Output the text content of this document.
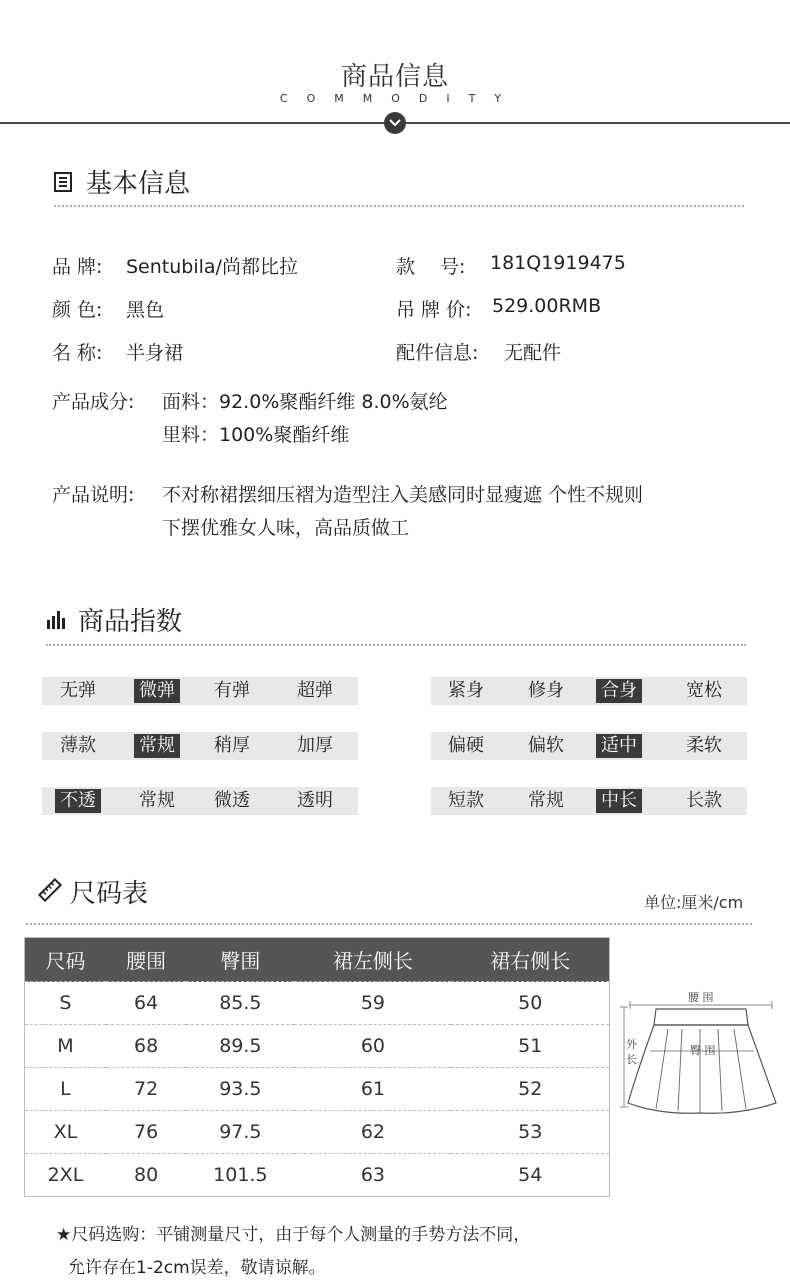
商品信息
COMMODITY
基本信息
品 牌: Sentubila/尚都比拉	款　 号: 181Q1919475
颜 色: 黑色	吊 牌 价: 529.00RMB
名 称: 半身裙	配件信息: 无配件
产品成分: 面料：92.0%聚酯纤维 8.0%氨纶
里料：100%聚酯纤维
产品说明: 不对称裙摆细压褶为造型注入美感同时显瘦遮 个性不规则
下摆优雅女人味，高品质做工
商品指数
无弹 微弹 有弹	超弹	紧身 修身 合身	宽松
薄款 常规 稍厚	加厚	偏硬 偏软 适中	柔软
不透 常规 微透	透明	短款 常规 中长	长款
尺码表	单位:厘米/cm
尺码	腰围	臀围	裙左侧长	裙右侧长
S	64	85.5	59	50
M	68	89.5	60	51
L	72	93.5	61	52
XL	76	97.5	62	53
2XL	80	101.5	63	54
腰 围
臀 围
外 长
★尺码选购：平铺测量尺寸，由于每个人测量的手势方法不同，
允许存在1-2cm误差，敬请谅解。
